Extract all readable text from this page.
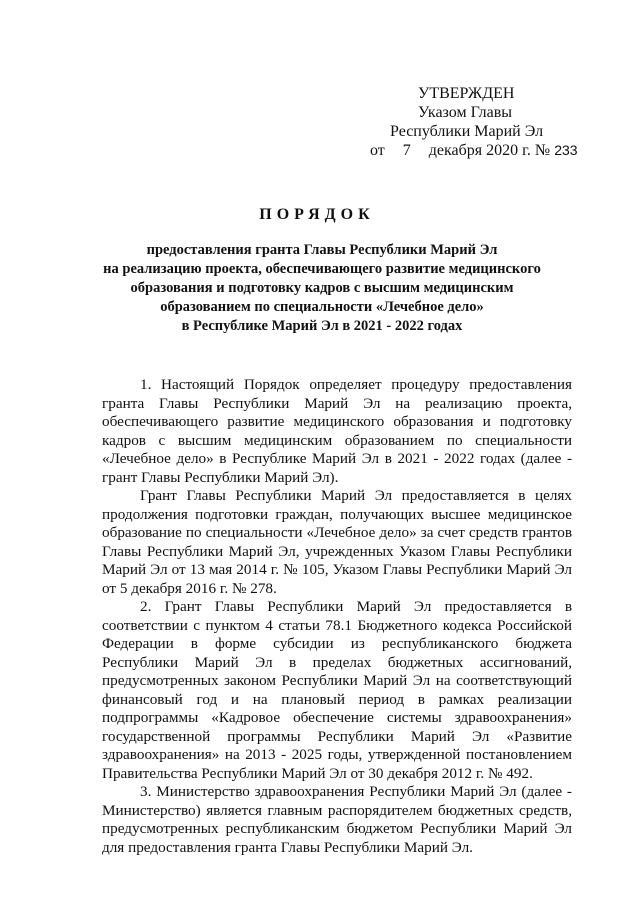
УТВЕРЖДЕН
Указом Главы
Республики Марий Эл
от 7 декабря 2020 г. № 233
ПОРЯДОК
предоставления гранта Главы Республики Марий Эл
на реализацию проекта, обеспечивающего развитие медицинского
образования и подготовку кадров с высшим медицинским
образованием по специальности «Лечебное дело»
в Республике Марий Эл в 2021 - 2022 годах

1. Настоящий Порядок определяет процедуру предоставления гранта Главы Республики Марий Эл на реализацию проекта, обеспечивающего развитие медицинского образования и подготовку кадров с высшим медицинским образованием по специальности «Лечебное дело» в Республике Марий Эл в 2021 - 2022 годах (далее - грант Главы Республики Марий Эл).

Грант Главы Республики Марий Эл предоставляется в целях продолжения подготовки граждан, получающих высшее медицинское образование по специальности «Лечебное дело» за счет средств грантов Главы Республики Марий Эл, учрежденных Указом Главы Республики Марий Эл от 13 мая 2014 г. № 105, Указом Главы Республики Марий Эл от 5 декабря 2016 г. № 278.

2. Грант Главы Республики Марий Эл предоставляется в соответствии с пунктом 4 статьи 78.1 Бюджетного кодекса Российской Федерации в форме субсидии из республиканского бюджета Республики Марий Эл в пределах бюджетных ассигнований, предусмотренных законом Республики Марий Эл на соответствующий финансовый год и на плановый период в рамках реализации подпрограммы «Кадровое обеспечение системы здравоохранения» государственной программы Республики Марий Эл «Развитие здравоохранения» на 2013 - 2025 годы, утвержденной постановлением Правительства Республики Марий Эл от 30 декабря 2012 г. № 492.

3. Министерство здравоохранения Республики Марий Эл (далее - Министерство) является главным распорядителем бюджетных средств, предусмотренных республиканским бюджетом Республики Марий Эл для предоставления гранта Главы Республики Марий Эл.
